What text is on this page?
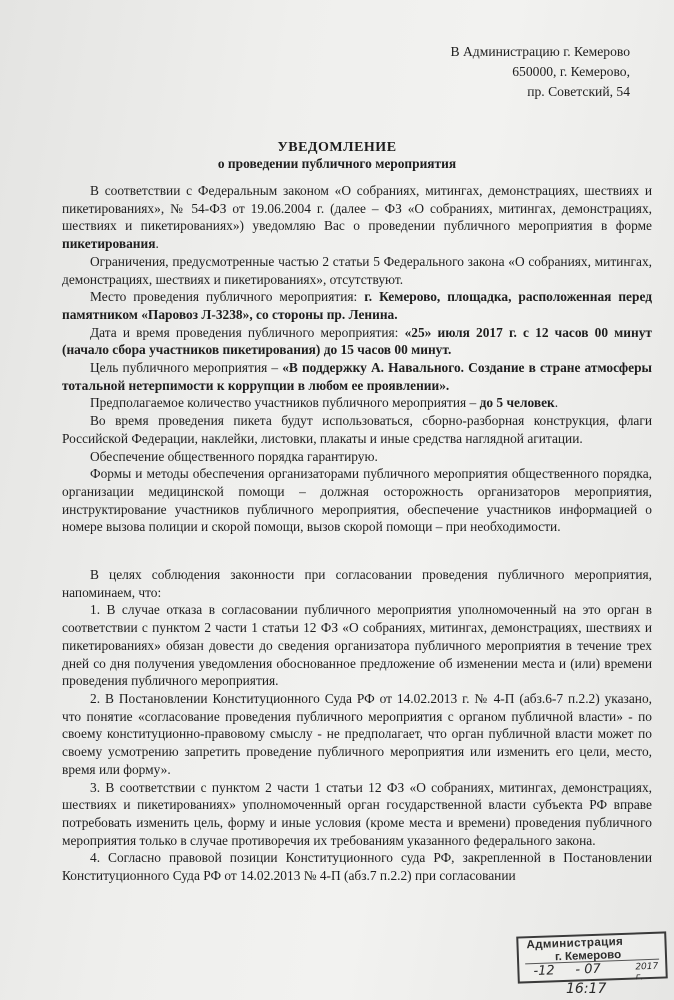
В Администрацию г. Кемерово
650000, г. Кемерово,
пр. Советский, 54
УВЕДОМЛЕНИЕ
о проведении публичного мероприятия

В соответствии с Федеральным законом «О собраниях, митингах, демонстрациях, шествиях и пикетированиях», № 54-ФЗ от 19.06.2004 г. (далее – ФЗ «О собраниях, митингах, демонстрациях, шествиях и пикетированиях») уведомляю Вас о проведении публичного мероприятия в форме пикетирования.

Ограничения, предусмотренные частью 2 статьи 5 Федерального закона «О собраниях, митингах, демонстрациях, шествиях и пикетированиях», отсутствуют.

Место проведения публичного мероприятия: г. Кемерово, площадка, расположенная перед памятником «Паровоз Л-3238», со стороны пр. Ленина.

Дата и время проведения публичного мероприятия: «25» июля 2017 г. с 12 часов 00 минут (начало сбора участников пикетирования) до 15 часов 00 минут.

Цель публичного мероприятия – «В поддержку А. Навального. Создание в стране атмосферы тотальной нетерпимости к коррупции в любом ее проявлении».

Предполагаемое количество участников публичного мероприятия – до 5 человек.

Во время проведения пикета будут использоваться, сборно-разборная конструкция, флаги Российской Федерации, наклейки, листовки, плакаты и иные средства наглядной агитации.

Обеспечение общественного порядка гарантирую.

Формы и методы обеспечения организаторами публичного мероприятия общественного порядка, организации медицинской помощи – должная осторожность организаторов мероприятия, инструктирование участников публичного мероприятия, обеспечение участников информацией о номере вызова полиции и скорой помощи, вызов скорой помощи – при необходимости.

В целях соблюдения законности при согласовании проведения публичного мероприятия, напоминаем, что:

1. В случае отказа в согласовании публичного мероприятия уполномоченный на это орган в соответствии с пунктом 2 части 1 статьи 12 ФЗ «О собраниях, митингах, демонстрациях, шествиях и пикетированиях» обязан довести до сведения организатора публичного мероприятия в течение трех дней со дня получения уведомления обоснованное предложение об изменении места и (или) времени проведения публичного мероприятия.

2. В Постановлении Конституционного Суда РФ от 14.02.2013 г. № 4-П (абз.6-7 п.2.2) указано, что понятие «согласование проведения публичного мероприятия с органом публичной власти» - по своему конституционно-правовому смыслу - не предполагает, что орган публичной власти может по своему усмотрению запретить проведение публичного мероприятия или изменить его цели, место, время или форму».

3. В соответствии с пунктом 2 части 1 статьи 12 ФЗ «О собраниях, митингах, демонстрациях, шествиях и пикетированиях» уполномоченный орган государственной власти субъекта РФ вправе потребовать изменить цель, форму и иные условия (кроме места и времени) проведения публичного мероприятия только в случае противоречия их требованиям указанного федерального закона.

4. Согласно правовой позиции Конституционного суда РФ, закрепленной в Постановлении Конституционного Суда РФ от 14.02.2013 № 4-П (абз.7 п.2.2) при согласовании

Администрация
г. Кемерово
-12 - 07	2017 г.
16:17
